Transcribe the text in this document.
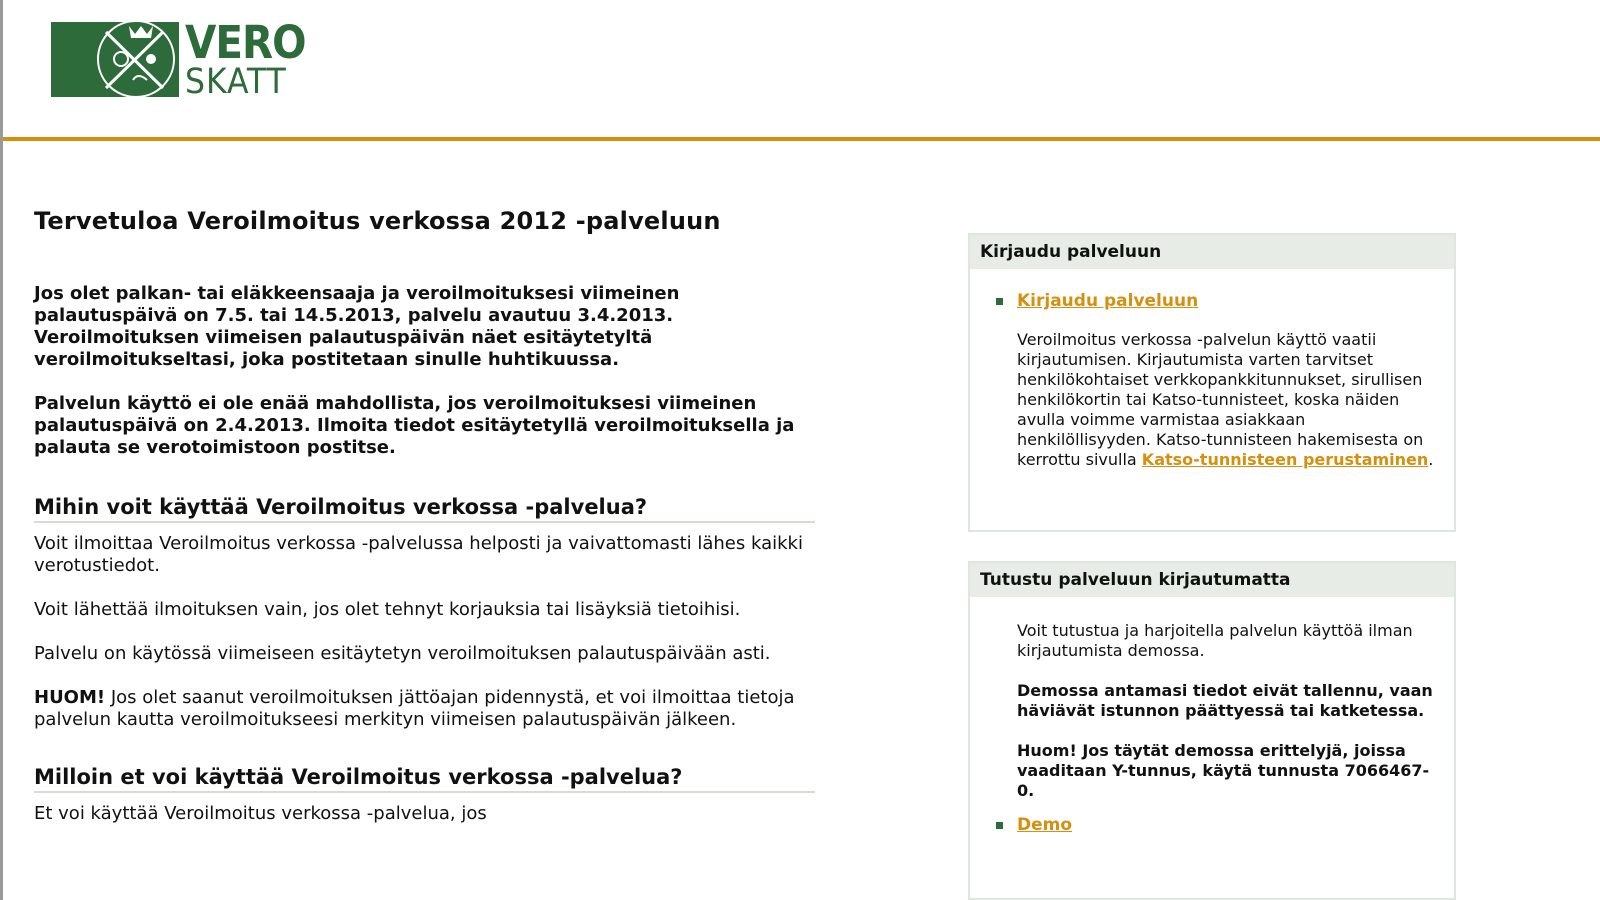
VERO
SKATT
Tervetuloa Veroilmoitus verkossa 2012 -palveluun

Jos olet palkan- tai eläkkeensaaja ja veroilmoituksesi viimeinen palautuspäivä on 7.5. tai 14.5.2013, palvelu avautuu 3.4.2013. Veroilmoituksen viimeisen palautuspäivän näet esitäytetyltä veroilmoitukseltasi, joka postitetaan sinulle huhtikuussa.

Palvelun käyttö ei ole enää mahdollista, jos veroilmoituksesi viimeinen palautuspäivä on 2.4.2013. Ilmoita tiedot esitäytetyllä veroilmoituksella ja palauta se verotoimistoon postitse.

Mihin voit käyttää Veroilmoitus verkossa -palvelua?

Voit ilmoittaa Veroilmoitus verkossa -palvelussa helposti ja vaivattomasti lähes kaikki verotustiedot.

Voit lähettää ilmoituksen vain, jos olet tehnyt korjauksia tai lisäyksiä tietoihisi.

Palvelu on käytössä viimeiseen esitäytetyn veroilmoituksen palautuspäivään asti.

HUOM! Jos olet saanut veroilmoituksen jättöajan pidennystä, et voi ilmoittaa tietoja palvelun kautta veroilmoitukseesi merkityn viimeisen palautuspäivän jälkeen.

Milloin et voi käyttää Veroilmoitus verkossa -palvelua?

Et voi käyttää Veroilmoitus verkossa -palvelua, jos

Kirjaudu palveluun
Kirjaudu palveluun

Veroilmoitus verkossa -palvelun käyttö vaatii kirjautumisen. Kirjautumista varten tarvitset henkilökohtaiset verkkopankkitunnukset, sirullisen henkilökortin tai Katso-tunnisteet, koska näiden avulla voimme varmistaa asiakkaan henkilöllisyyden. Katso-tunnisteen hakemisesta on kerrottu sivulla Katso-tunnisteen perustaminen.

Tutustu palveluun kirjautumatta

Voit tutustua ja harjoitella palvelun käyttöä ilman kirjautumista demossa.

Demossa antamasi tiedot eivät tallennu, vaan häviävät istunnon päättyessä tai katketessa.

Huom! Jos täytät demossa erittelyjä, joissa vaaditaan Y-tunnus, käytä tunnusta 7066467-0.

Demo
